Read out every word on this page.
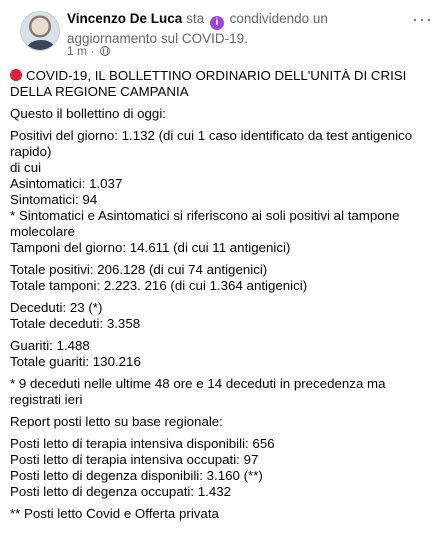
Vincenzo De Luca sta i condividendo un aggiornamento sul COVID-19.
1 m ·
···

COVID-19, IL BOLLETTINO ORDINARIO DELL'UNITÀ DI CRISI DELLA REGIONE CAMPANIA

Questo il bollettino di oggi:

Positivi del giorno: 1.132 (di cui 1 caso identificato da test antigenico rapido)
di cui
Asintomatici: 1.037
Sintomatici: 94
* Sintomatici e Asintomatici si riferiscono ai soli positivi al tampone molecolare
Tamponi del giorno: 14.611 (di cui 11 antigenici)

Totale positivi: 206.128 (di cui 74 antigenici)
Totale tamponi: 2.223. 216 (di cui 1.364 antigenici)

Deceduti: 23 (*)
Totale deceduti: 3.358

Guariti: 1.488
Totale guariti: 130.216

* 9 deceduti nelle ultime 48 ore e 14 deceduti in precedenza ma registrati ieri

Report posti letto su base regionale:

Posti letto di terapia intensiva disponibili: 656
Posti letto di terapia intensiva occupati: 97
Posti letto di degenza disponibili: 3.160 (**)
Posti letto di degenza occupati: 1.432

** Posti letto Covid e Offerta privata
